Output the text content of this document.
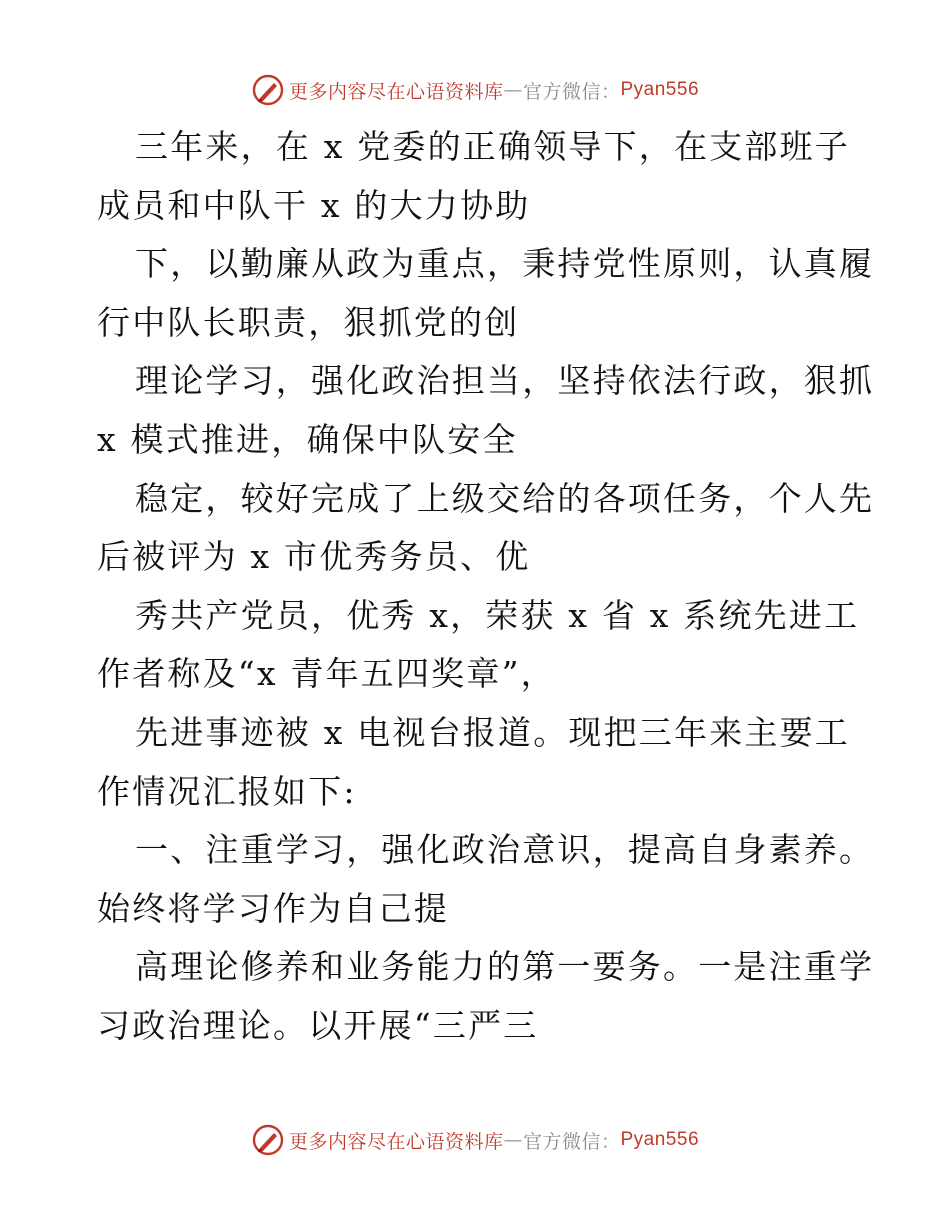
更多内容尽在心语资料库 — 官方微信： Pyan556
三年来，在 x 党委的正确领导下，在支部班子
成员和中队干 x 的大力协助
下，以勤廉从政为重点，秉持党性原则，认真履
行中队长职责，狠抓党的创
理论学习，强化政治担当，坚持依法行政，狠抓
x 模式推进，确保中队安全
稳定，较好完成了上级交给的各项任务，个人先
后被评为 x 市优秀务员、优
秀共产党员，优秀 x，荣获 x 省 x 系统先进工
作者称及“x 青年五四奖章”，
先进事迹被 x 电视台报道。现把三年来主要工
作情况汇报如下:
一、注重学习，强化政治意识，提高自身素养。
始终将学习作为自己提
高理论修养和业务能力的第一要务。一是注重学
习政治理论。以开展“三严三
更多内容尽在心语资料库 — 官方微信： Pyan556
